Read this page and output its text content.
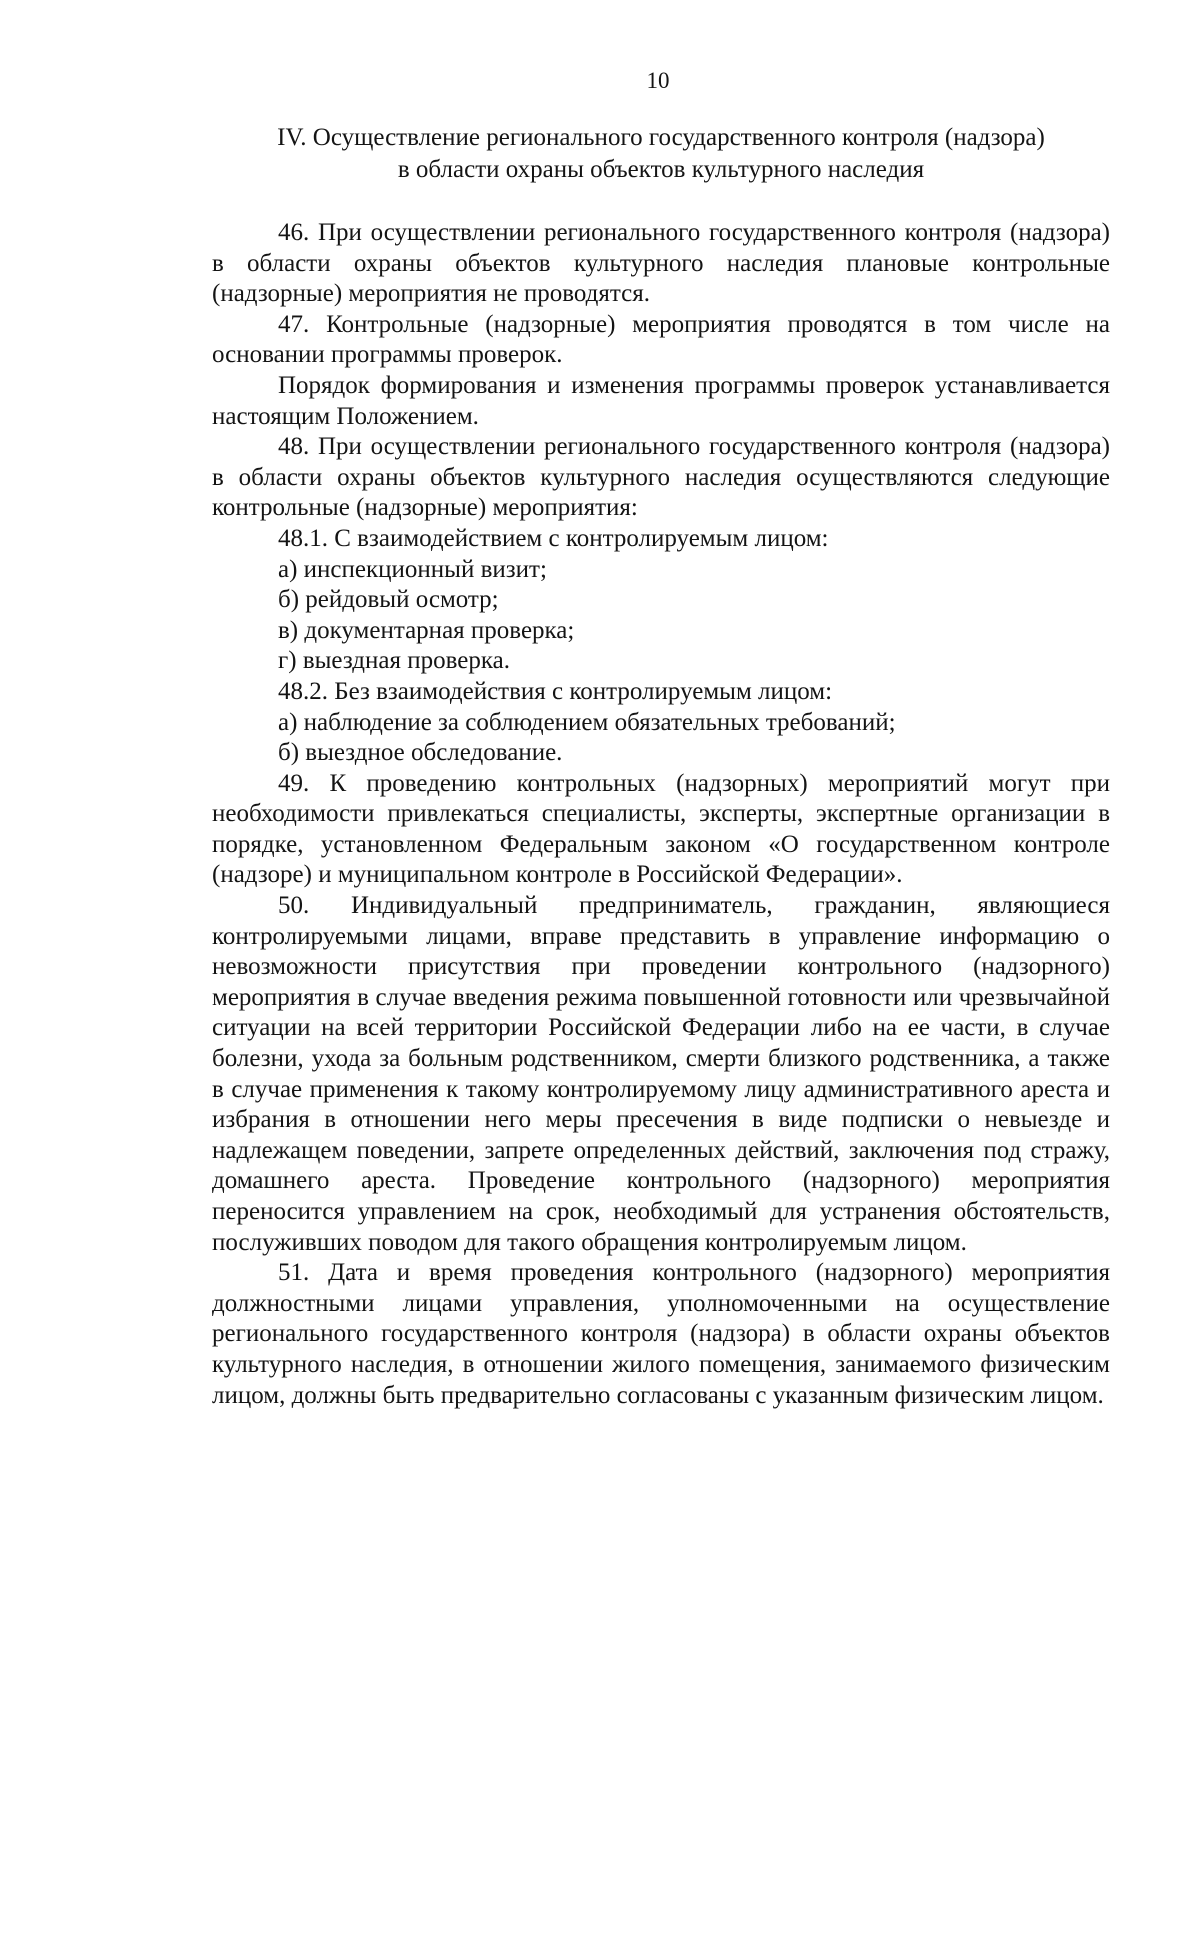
10
IV. Осуществление регионального государственного контроля (надзора)
в области охраны объектов культурного наследия

46. При осуществлении регионального государственного контроля (надзора) в области охраны объектов культурного наследия плановые контрольные (надзорные) мероприятия не проводятся.

47. Контрольные (надзорные) мероприятия проводятся в том числе на основании программы проверок.

Порядок формирования и изменения программы проверок устанавливается настоящим Положением.

48. При осуществлении регионального государственного контроля (надзора) в области охраны объектов культурного наследия осуществляются следующие контрольные (надзорные) мероприятия:

48.1. С взаимодействием с контролируемым лицом:

а) инспекционный визит;

б) рейдовый осмотр;

в) документарная проверка;

г) выездная проверка.

48.2. Без взаимодействия с контролируемым лицом:

а) наблюдение за соблюдением обязательных требований;

б) выездное обследование.

49. К проведению контрольных (надзорных) мероприятий могут при необходимости привлекаться специалисты, эксперты, экспертные организации в порядке, установленном Федеральным законом «О государственном контроле (надзоре) и муниципальном контроле в Российской Федерации».

50. Индивидуальный предприниматель, гражданин, являющиеся контролируемыми лицами, вправе представить в управление информацию о невозможности присутствия при проведении контрольного (надзорного) мероприятия в случае введения режима повышенной готовности или чрезвычайной ситуации на всей территории Российской Федерации либо на ее части, в случае болезни, ухода за больным родственником, смерти близкого родственника, а также в случае применения к такому контролируемому лицу административного ареста и избрания в отношении него меры пресечения в виде подписки о невыезде и надлежащем поведении, запрете определенных действий, заключения под стражу, домашнего ареста. Проведение контрольного (надзорного) мероприятия переносится управлением на срок, необходимый для устранения обстоятельств, послуживших поводом для такого обращения контролируемым лицом.

51. Дата и время проведения контрольного (надзорного) мероприятия должностными лицами управления, уполномоченными на осуществление регионального государственного контроля (надзора) в области охраны объектов культурного наследия, в отношении жилого помещения, занимаемого физическим лицом, должны быть предварительно согласованы с указанным физическим лицом.
